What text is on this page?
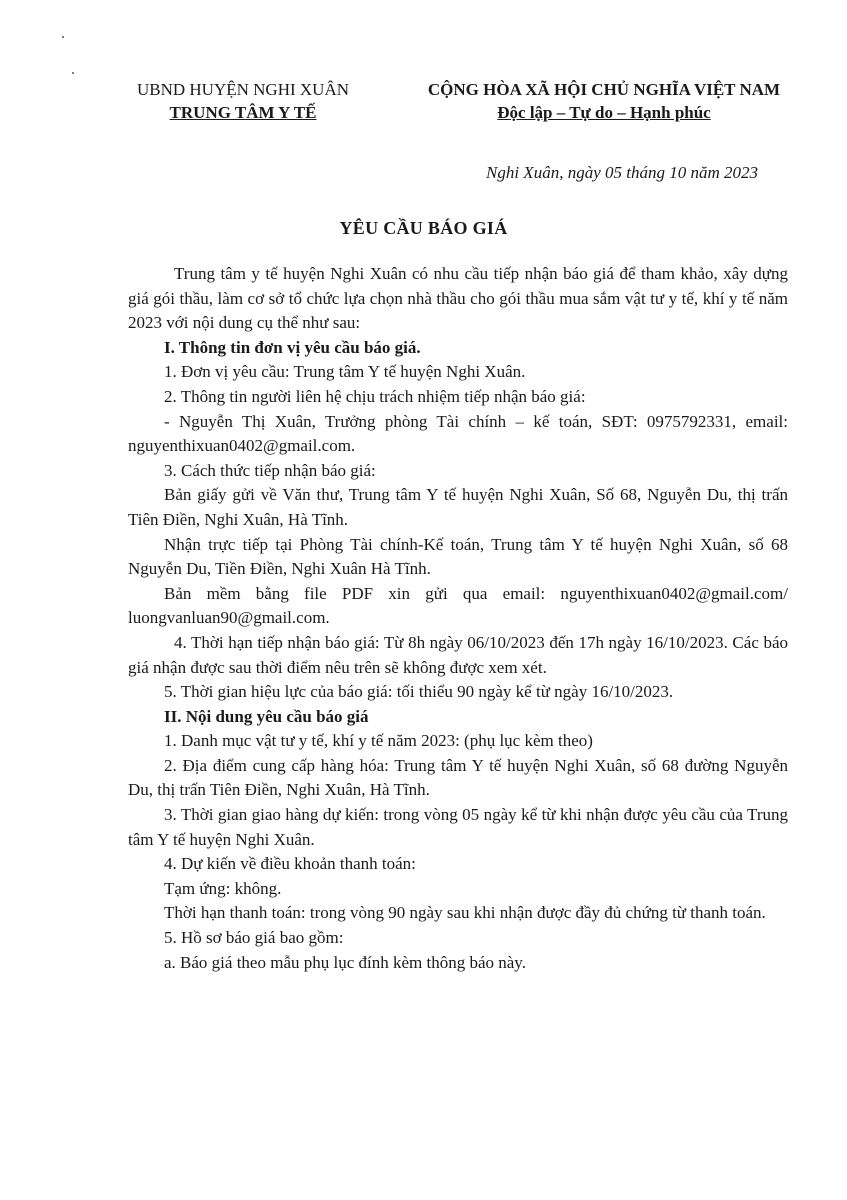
UBND HUYỆN NGHI XUÂN
TRUNG TÂM Y TẾ
CỘNG HÒA XÃ HỘI CHỦ NGHĨA VIỆT NAM
Độc lập – Tự do – Hạnh phúc
Nghi Xuân, ngày 05 tháng 10 năm 2023
YÊU CẦU BÁO GIÁ

Trung tâm y tế huyện Nghi Xuân có nhu cầu tiếp nhận báo giá để tham khảo, xây dựng giá gói thầu, làm cơ sở tổ chức lựa chọn nhà thầu cho gói thầu mua sắm vật tư y tế, khí y tế năm 2023 với nội dung cụ thể như sau:

I. Thông tin đơn vị yêu cầu báo giá.

1. Đơn vị yêu cầu: Trung tâm Y tế huyện Nghi Xuân.

2. Thông tin người liên hệ chịu trách nhiệm tiếp nhận báo giá:

- Nguyễn Thị Xuân, Trưởng phòng Tài chính – kế toán, SĐT: 0975792331, email: nguyenthixuan0402@gmail.com.

3. Cách thức tiếp nhận báo giá:

Bản giấy gửi về Văn thư, Trung tâm Y tế huyện Nghi Xuân, Số 68, Nguyễn Du, thị trấn Tiên Điền, Nghi Xuân, Hà Tĩnh.

Nhận trực tiếp tại Phòng Tài chính-Kế toán, Trung tâm Y tế huyện Nghi Xuân, số 68 Nguyễn Du, Tiền Điền, Nghi Xuân Hà Tĩnh.

Bản mềm bằng file PDF xin gửi qua email: nguyenthixuan0402@gmail.com/ luongvanluan90@gmail.com.

4. Thời hạn tiếp nhận báo giá: Từ 8h ngày 06/10/2023 đến 17h ngày 16/10/2023. Các báo giá nhận được sau thời điểm nêu trên sẽ không được xem xét.

5. Thời gian hiệu lực của báo giá: tối thiểu 90 ngày kể từ ngày 16/10/2023.

II. Nội dung yêu cầu báo giá

1. Danh mục vật tư y tế, khí y tế năm 2023: (phụ lục kèm theo)

2. Địa điểm cung cấp hàng hóa: Trung tâm Y tế huyện Nghi Xuân, số 68 đường Nguyễn Du, thị trấn Tiên Điền, Nghi Xuân, Hà Tĩnh.

3. Thời gian giao hàng dự kiến: trong vòng 05 ngày kể từ khi nhận được yêu cầu của Trung tâm Y tế huyện Nghi Xuân.

4. Dự kiến về điều khoản thanh toán:

Tạm ứng: không.

Thời hạn thanh toán: trong vòng 90 ngày sau khi nhận được đầy đủ chứng từ thanh toán.

5. Hồ sơ báo giá bao gồm:

a. Báo giá theo mẫu phụ lục đính kèm thông báo này.
